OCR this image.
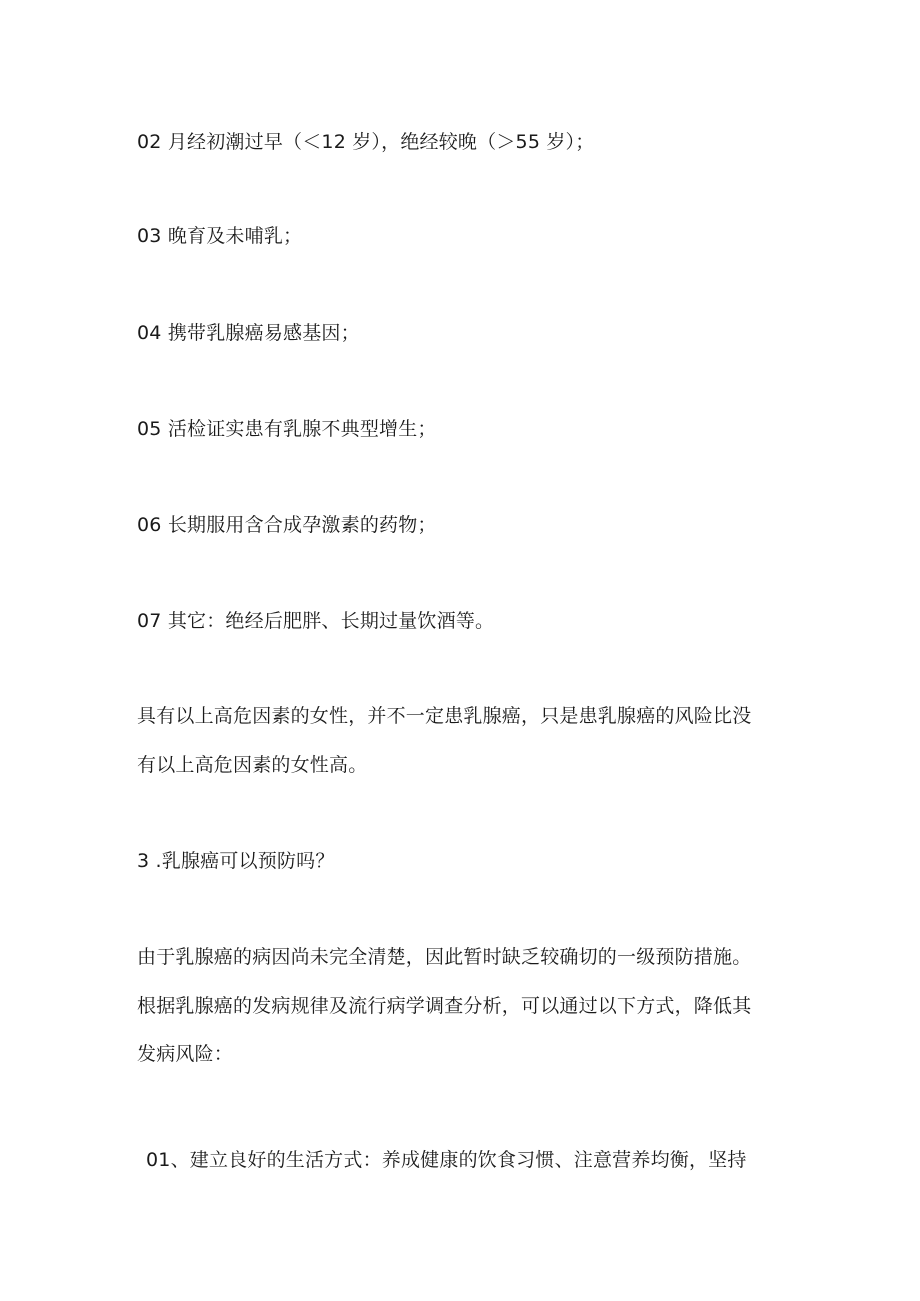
02 月经初潮过早（＜12 岁），绝经较晚（＞55 岁）；
03 晚育及未哺乳；
04 携带乳腺癌易感基因；
05 活检证实患有乳腺不典型增生；
06 长期服用含合成孕激素的药物；
07 其它：绝经后肥胖、长期过量饮酒等。
具有以上高危因素的女性，并不一定患乳腺癌，只是患乳腺癌的风险比没
有以上高危因素的女性高。
3 .乳腺癌可以预防吗？
由于乳腺癌的病因尚未完全清楚，因此暂时缺乏较确切的一级预防措施。
根据乳腺癌的发病规律及流行病学调查分析，可以通过以下方式，降低其
发病风险：
01、建立良好的生活方式：养成健康的饮食习惯、注意营养均衡，坚持
